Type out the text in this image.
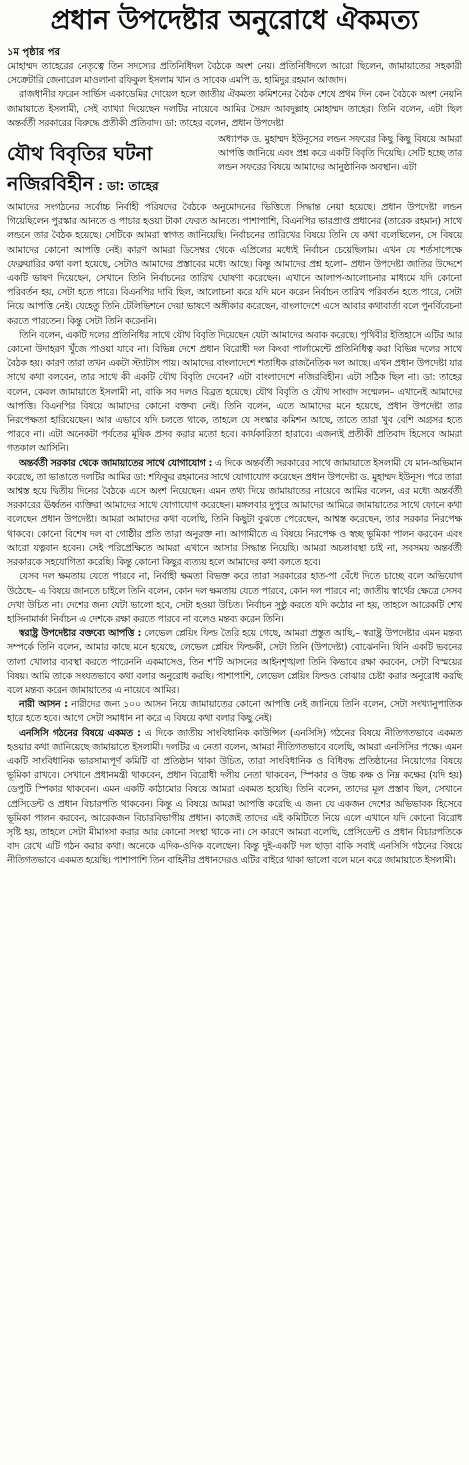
প্রধান উপদেষ্টার অনুরোধে ঐকমত্য
১ম পৃষ্ঠার পর

মোহাম্মদ তাহেরের নেতৃত্বে তিন সদস্যের প্রতিনিধিদল বৈঠকে অংশ নেয়। প্রতিনিধিদলে আরো ছিলেন, জামায়াতের সহকারী সেক্রেটারি জেনারেল মাওলানা রফিকুল ইসলাম খান ও সাবেক এমপি ড. হামিদুর রহমান আজাদ।

রাজধানীর ফরেন সার্ভিস একাডেমির দোয়েল হলে জাতীয় ঐকমত্য কমিশনের বৈঠক শেষে প্রথম দিন কেন বৈঠকে অংশ নেয়নি জামায়াতে ইসলামী, সেই ব্যাখ্যা দিয়েছেন দলটির নায়েবে আমির সৈয়দ আবদুল্লাহ মোহাম্মদ তাহের। তিনি বলেন, এটা ছিল অন্তর্বর্তী সরকারের বিরুদ্ধে প্রতীকী প্রতিবাদ। ডা: তাহের বলেন, প্রধান উপদেষ্টা

যৌথ বিবৃতির ঘটনা
নজিরবিহীন : ডা: তাহের

অধ্যাপক ড. মুহাম্মদ ইউনূসের লন্ডন সফরের কিছু কিছু বিষয়ে আমরা আপত্তি জানিয়ে এবং প্রশ্ন করে একটি বিবৃতি দিয়েছি। সেটি হচ্ছে তার লন্ডন সফরের বিষয়ে আমাদের আনুষ্ঠানিক অবস্থান। এটা

আমাদের সংগঠনের সর্বোচ্চ নির্বাহী পরিষদের বৈঠকে অনুমোদনের ভিত্তিতে সিদ্ধান্ত নেয়া হয়েছে। প্রধান উপদেষ্টা লন্ডন গিয়েছিলেন পুরস্কার আনতে ও পাচার হওয়া টাকা ফেরত আনতে। পাশাপাশি, বিএনপির ভারপ্রাপ্ত প্রধানের (তারেক রহমান) সাথে লন্ডনে তার বৈঠক হয়েছে। সেটিকে আমরা স্বাগত জানিয়েছি। নির্বাচনের তারিখের বিষয়ে তিনি যে কথা বলেছিলেন, সে বিষয়ে আমাদের কোনো আপত্তি নেই। কারণ আমরা ডিসেম্বর থেকে এপ্রিলের মধ্যেই নির্বাচন চেয়েছিলাম। এখন যে শর্তসাপেক্ষে ফেব্রুয়ারির কথা বলা হয়েছে, সেটাও আমাদের প্রস্তাবের মধ্যে আছে। কিন্তু আমাদের প্রশ্ন হলো– প্রধান উপদেষ্টা জাতির উদ্দেশে একটি ভাষণ দিয়েছেন, সেখানে তিনি নির্বাচনের তারিখ ঘোষণা করেছেন। এখানে আলাপ-আলোচনার মাধ্যমে যদি কোনো পরিবর্তন হয়, সেটা হতে পারে। বিএনপির দাবি ছিল, আলোচনা করে যদি মনে করেন নির্বাচন তারিখ পরিবর্তন হতে পারে, সেটা নিয়ে আপত্তি নেই। যেহেতু তিনি টেলিভিশনে দেয়া ভাষণে অঙ্গীকার করেছেন, বাংলাদেশে এসে আবার কথাবার্তা বলে পুনর্বিবেচনা করতে পারতেন। কিন্তু সেটা তিনি করেননি।

তিনি বলেন, একটি দলের প্রতিনিধির সাথে যৌথ বিবৃতি দিয়েছেন যেটা আমাদের অবাক করেছে। পৃথিবীর ইতিহাসে এটির আর কোনো উদাহরণ খুঁজে পাওয়া যাবে না। বিভিন্ন দেশে প্রধান বিরোধী দল কিংবা পার্লামেন্টে প্রতিনিধিত্ব করা বিভিন্ন দলের সাথে বৈঠক হয়। কারণ তারা তখন একটা স্ট্যাটাস পায়। আমাদের বাংলাদেশে শতাধিক রাজনৈতিক দল আছে। এখন প্রধান উপদেষ্টা যার সাথে কথা বলবেন, তার সাথে কী একটি যৌথ বিবৃতি দেবেন? এটা বাংলাদেশে নজিরবিহীন। এটা সঠিক ছিল না। ডা: তাহের বলেন, কেবল জামায়াতে ইসলামী না, বাকি সব দলও বিব্রত হয়েছে। যৌথ বিবৃতি ও যৌথ সাংবাদ সম্মেলন– এখানেই আমাদের আপত্তি। বিএনপির বিষয়ে আমাদের কোনো বক্তব্য নেই। তিনি বলেন, এতে আমাদের মনে হয়েছে, প্রধান উপদেষ্টা তার নিরপেক্ষতা হারিয়েছেন। আর এভাবে যদি চলতে থাকে, তাহলে যে সংস্কার কমিশন আছে, তাতে তারা খুব বেশি অগ্রসর হতে পারবে না। এটা অনেকটা পর্বতের মূষিক প্রসব করার মতো হবে। কার্যকারিতা হারাবে। এজন্যই প্রতীকী প্রতিবাদ হিসেবে আমরা গতকাল আসিনি।

অন্তর্বর্তী সরকার থেকে জামায়াতের সাথে যোগাযোগ : এ দিকে অন্তর্বর্তী সরকারের সাথে জামায়াতে ইসলামী যে মান-অভিমান করেছে, তা ভাঙাতে দলটির আমির ডা: শফিকুর রহমানের সাথে যোগাযোগ করেছেন প্রধান উপদেষ্টা ড. মুহাম্মদ ইউনূস। পরে তারা আশ্বস্ত হয়ে দ্বিতীয় দিনের বৈঠকে এসে অংশ নিয়েছেন। এমন তথ্য দিয়ে জামায়াতের নায়েবে আমির বলেন, এর মধ্যে অন্তর্বর্তী সরকারের ঊর্ধ্বতন ব্যক্তিরা আমাদের সাথে যোগাযোগ করেছেন। মঙ্গলবার দুপুরে আমাদের আমিরে জামায়াতের সাথে ফোনে কথা বলেছেন প্রধান উপদেষ্টা। আমরা আমাদের কথা বলেছি, তিনি কিছুটা বুঝতে পেরেছেন, আশ্বস্ত করেছেন, তার সরকার নিরপেক্ষ থাকবে। কোনো বিশেষ দল বা গোষ্ঠীর প্রতি তারা অনুরক্ত না। আগামীতে এ বিষয়ে নিরপেক্ষ ও স্বচ্ছ ভূমিকা পালন করবেন এবং আরো যত্নবান হবেন। সেই পরিপ্রেক্ষিতে আমরা এখানে আসার সিদ্ধান্ত নিয়েছি। আমরা অচলাবস্থা চাই না, সবসময় অন্তর্বর্তী সরকারকে সহযোগিতা করেছি। কিন্তু কোনো কিছুর ব্যত্যয় হলে আমাদের কথা বলতে হবে।

যেসব দল ক্ষমতায় যেতে পারবে না, নির্বাহী ক্ষমতা বিভক্ত করে তারা সরকারের হাত-পা বেঁধে দিতে চাচ্ছে বলে অভিযোগ উঠেছে– এ বিষয়ে জানতে চাইলে তিনি বলেন, কোন দল ক্ষমতায় যেতে পারবে, কোন দল পারবে না; জাতীয় স্বার্থের ক্ষেত্রে সেসব দেখা উচিত না। দেশের জন্য যেটা ভালো হবে, সেটা হওয়া উচিত। নির্বাচন সুষ্ঠু করতে যদি কঠোর না হয়, তাহলে আরেকটি শেখ হাসিনামার্কা নির্বাচন এ দেশকে রক্ষা করতে পারবে না বলেও মন্তব্য করেন তিনি।

স্বরাষ্ট্র উপদেষ্টার বক্তব্যে আপত্তি : লেভেল প্লেয়িং ফিল্ড তৈরি হয়ে গেছে, আমরা প্রস্তুত আছি,– স্বরাষ্ট্র উপদেষ্টার এমন মন্তব্য সম্পর্কে তিনি বলেন, আমার কাছে মনে হয়েছে, লেভেল প্লেয়িং ফিল্ডকী, সেটা তিনি (উপদেষ্টা) বোঝেননি। যিনি একটি ভবনের তালা খোলার ব্যবস্থা করতে পারেননি একমাসেও, তিন শ'টি আসনের আইনশৃঙ্খলা তিনি কিভাবে রক্ষা করবেন, সেটা বিস্ময়ের বিষয়। আমি তাকে সংযতভাবে কথা বলার অনুরোধ করছি। পাশাপাশি, লেভেল প্লেয়িং ফিল্ডও বোঝার চেষ্টা করার অনুরোধ করছি বলে মন্তব্য করেন জামায়াতের এ নায়েবে আমির।

নারী আসন : নারীদের জন্য ১০০ আসন নিয়ে জামায়াতের কোনো আপত্তি নেই জানিয়ে তিনি বলেন, সেটা সংখ্যানুপাতিক হারে হতে হবে। আগে সেটা সমাধান না করে এ বিষয়ে কথা বলার কিছু নেই।

এনসিসি গঠনের বিষয়ে একমত : এ দিকে জাতীয় সাংবিধানিক কাউন্সিল (এনসিসি) গঠনের বিষয়ে নীতিগতভাবে একমত হওয়ার কথা জানিয়েছে জামায়াতে ইসলামী। দলটির এ নেতা বলেন, আমরা নীতিগতভাবে বলেছি, আমরা এনসিসির পক্ষে। এমন একটি সাংবিধানিক ভারসাম্যপূর্ণ কমিটি বা প্রতিষ্ঠান থাকা উচিত, তারা সাংবিধানিক ও বিধিবদ্ধ প্রতিষ্ঠানের নিয়োগের বিষয়ে ভূমিকা রাখবে। সেখানে প্রধানমন্ত্রী থাকবেন, প্রধান বিরোধী দলীয় নেতা থাকবেন, স্পিকার ও উচ্চ কক্ষ ও নিম্ন কক্ষের (যদি হয়) ডেপুটি স্পিকার থাকবেন। এমন একটি কাঠামোর বিষয়ে আমরা একমত হয়েছি। তিনি বলেন, তাদের মূল প্রস্তাব ছিল, সেখানে প্রেসিডেন্ট ও প্রধান বিচারপতি থাকবেন। কিন্তু এ বিষয়ে আমরা আপত্তি করেছি এ জন্য যে একজন দেশের অভিভাবক হিসেবে ভূমিকা পালন করবেন, আরেকজন বিচারবিভাগীয় প্রধান। কাজেই তাদের এই কমিটিতে নিয়ে এলে এখানে যদি কোনো বিরোধ সৃষ্টি হয়, তাহলে সেটা মীমাংসা করার আর কোনো সংস্থা থাকে না। সে কারণে আমরা বলেছি, প্রেসিডেন্ট ও প্রধান বিচারপতিকে বাদ রেখে এটি গঠন করার কথা। অনেকে এদিক-ওদিক বলেছেন। কিন্তু দুই-একটি দল ছাড়া বাকি সবাই এনসিসি গঠনের বিষয়ে নীতিগতভাবে একমত হয়েছি। পাশাপাশি তিন বাহিনীর প্রধানদেরও এটির বাইরে থাকা ভালো বলে মনে করে জামায়াতে ইসলামী।
